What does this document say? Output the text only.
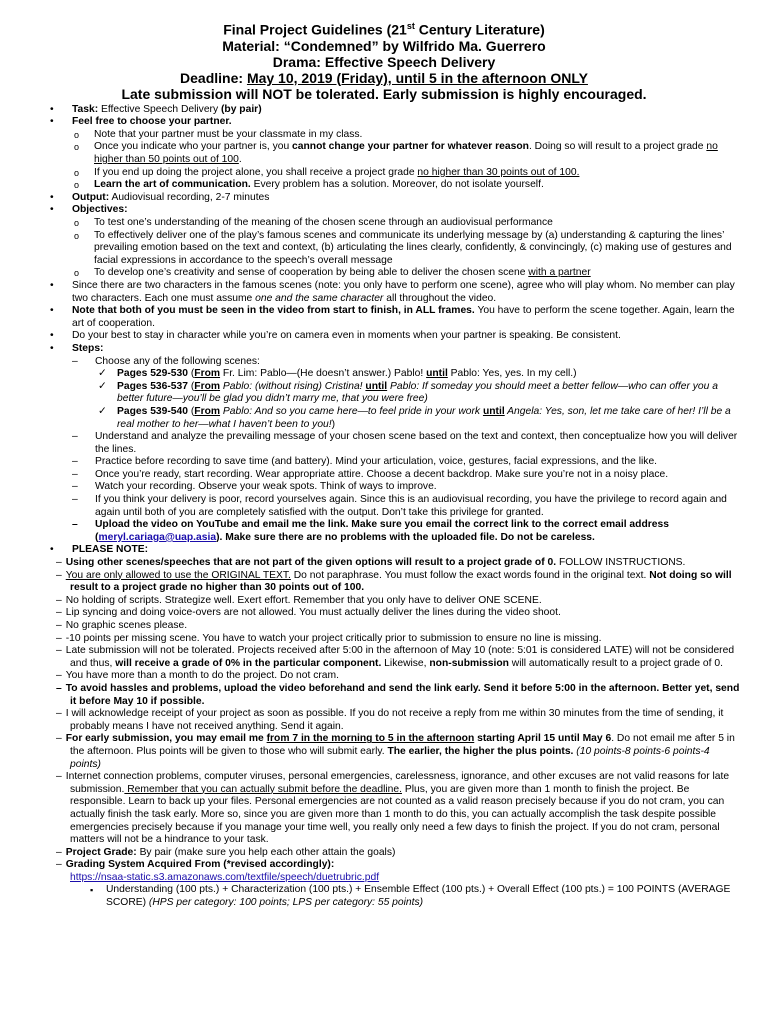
Final Project Guidelines (21st Century Literature)
Material: “Condemned” by Wilfrido Ma. Guerrero
Drama: Effective Speech Delivery
Deadline: May 10, 2019 (Friday), until 5 in the afternoon ONLY
Late submission will NOT be tolerated. Early submission is highly encouraged.
• Task: Effective Speech Delivery (by pair)
• Feel free to choose your partner.
o Note that your partner must be your classmate in my class.
o Once you indicate who your partner is, you cannot change your partner for whatever reason. Doing so will result to a project grade no higher than 50 points out of 100.
o If you end up doing the project alone, you shall receive a project grade no higher than 30 points out of 100.
o Learn the art of communication. Every problem has a solution. Moreover, do not isolate yourself.
• Output: Audiovisual recording, 2-7 minutes
• Objectives:
o To test one’s understanding of the meaning of the chosen scene through an audiovisual performance
o To effectively deliver one of the play’s famous scenes and communicate its underlying message by (a) understanding & capturing the lines’ prevailing emotion based on the text and context, (b) articulating the lines clearly, confidently, & convincingly, (c) making use of gestures and facial expressions in accordance to the speech’s overall message
o To develop one’s creativity and sense of cooperation by being able to deliver the chosen scene with a partner
• Since there are two characters in the famous scenes (note: you only have to perform one scene), agree who will play whom. No member can play two characters. Each one must assume one and the same character all throughout the video.
• Note that both of you must be seen in the video from start to finish, in ALL frames. You have to perform the scene together. Again, learn the art of cooperation.
• Do your best to stay in character while you’re on camera even in moments when your partner is speaking. Be consistent.
• Steps:
– Choose any of the following scenes:
✓ Pages 529-530 (From Fr. Lim: Pablo—(He doesn’t answer.) Pablo! until Pablo: Yes, yes. In my cell.)
✓ Pages 536-537 (From Pablo: (without rising) Cristina! until Pablo: If someday you should meet a better fellow—who can offer you a better future—you’ll be glad you didn’t marry me, that you were free)
✓ Pages 539-540 (From Pablo: And so you came here—to feel pride in your work until Angela: Yes, son, let me take care of her! I’ll be a real mother to her—what I haven’t been to you!)
– Understand and analyze the prevailing message of your chosen scene based on the text and context, then conceptualize how you will deliver the lines.
– Practice before recording to save time (and battery). Mind your articulation, voice, gestures, facial expressions, and the like.
– Once you’re ready, start recording. Wear appropriate attire. Choose a decent backdrop. Make sure you’re not in a noisy place.
– Watch your recording. Observe your weak spots. Think of ways to improve.
– If you think your delivery is poor, record yourselves again. Since this is an audiovisual recording, you have the privilege to record again and again until both of you are completely satisfied with the output. Don’t take this privilege for granted.
– Upload the video on YouTube and email me the link. Make sure you email the correct link to the correct email address (meryl.cariaga@uap.asia). Make sure there are no problems with the uploaded file. Do not be careless.
• PLEASE NOTE:
– Using other scenes/speeches that are not part of the given options will result to a project grade of 0. FOLLOW INSTRUCTIONS.
– You are only allowed to use the ORIGINAL TEXT. Do not paraphrase. You must follow the exact words found in the original text. Not doing so will result to a project grade no higher than 30 points out of 100.
– No holding of scripts. Strategize well. Exert effort. Remember that you only have to deliver ONE SCENE.
– Lip syncing and doing voice-overs are not allowed. You must actually deliver the lines during the video shoot.
– No graphic scenes please.
– -10 points per missing scene. You have to watch your project critically prior to submission to ensure no line is missing.
– Late submission will not be tolerated. Projects received after 5:00 in the afternoon of May 10 (note: 5:01 is considered LATE) will not be considered and thus, will receive a grade of 0% in the particular component. Likewise, non-submission will automatically result to a project grade of 0.
– You have more than a month to do the project. Do not cram.
– To avoid hassles and problems, upload the video beforehand and send the link early. Send it before 5:00 in the afternoon. Better yet, send it before May 10 if possible.
– I will acknowledge receipt of your project as soon as possible. If you do not receive a reply from me within 30 minutes from the time of sending, it probably means I have not received anything. Send it again.
– For early submission, you may email me from 7 in the morning to 5 in the afternoon starting April 15 until May 6. Do not email me after 5 in the afternoon. Plus points will be given to those who will submit early. The earlier, the higher the plus points. (10 points-8 points-6 points-4 points)
– Internet connection problems, computer viruses, personal emergencies, carelessness, ignorance, and other excuses are not valid reasons for late submission. Remember that you can actually submit before the deadline. Plus, you are given more than 1 month to finish the project. Be responsible. Learn to back up your files. Personal emergencies are not counted as a valid reason precisely because if you do not cram, you can actually finish the task early. More so, since you are given more than 1 month to do this, you can actually accomplish the task despite possible emergencies precisely because if you manage your time well, you really only need a few days to finish the project. If you do not cram, personal matters will not be a hindrance to your task.
– Project Grade: By pair (make sure you help each other attain the goals)
– Grading System Acquired From (*revised accordingly):
https://nsaa-static.s3.amazonaws.com/textfile/speech/duetrubric.pdf
▪ Understanding (100 pts.) + Characterization (100 pts.) + Ensemble Effect (100 pts.) + Overall Effect (100 pts.) = 100 POINTS (AVERAGE SCORE) (HPS per category: 100 points; LPS per category: 55 points)
